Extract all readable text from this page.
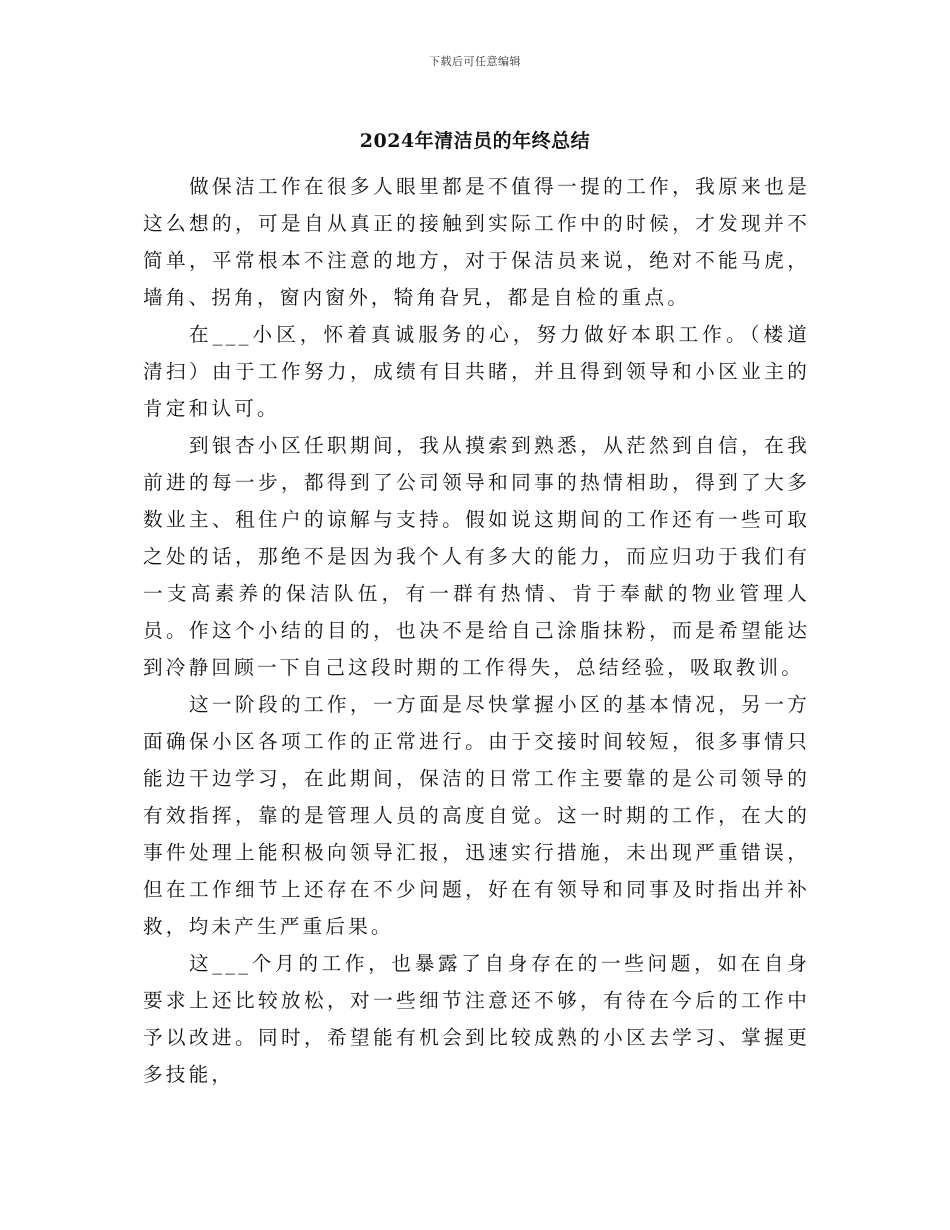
下载后可任意编辑
2024年清洁员的年终总结

做保洁工作在很多人眼里都是不值得一提的工作，我原来也是这么想的，可是自从真正的接触到实际工作中的时候，才发现并不简单，平常根本不注意的地方，对于保洁员来说，绝对不能马虎，墙角、拐角，窗内窗外，犄角旮旯，都是自检的重点。

在___小区，怀着真诚服务的心，努力做好本职工作。（楼道清扫）由于工作努力，成绩有目共睹，并且得到领导和小区业主的肯定和认可。

到银杏小区任职期间，我从摸索到熟悉，从茫然到自信，在我前进的每一步，都得到了公司领导和同事的热情相助，得到了大多数业主、租住户的谅解与支持。假如说这期间的工作还有一些可取之处的话，那绝不是因为我个人有多大的能力，而应归功于我们有一支高素养的保洁队伍，有一群有热情、肯于奉献的物业管理人员。作这个小结的目的，也决不是给自己涂脂抹粉，而是希望能达到冷静回顾一下自己这段时期的工作得失，总结经验，吸取教训。

这一阶段的工作，一方面是尽快掌握小区的基本情况，另一方面确保小区各项工作的正常进行。由于交接时间较短，很多事情只能边干边学习，在此期间，保洁的日常工作主要靠的是公司领导的有效指挥，靠的是管理人员的高度自觉。这一时期的工作，在大的事件处理上能积极向领导汇报，迅速实行措施，未出现严重错误，但在工作细节上还存在不少问题，好在有领导和同事及时指出并补救，均未产生严重后果。

这___个月的工作，也暴露了自身存在的一些问题，如在自身要求上还比较放松，对一些细节注意还不够，有待在今后的工作中予以改进。同时，希望能有机会到比较成熟的小区去学习、掌握更多技能，
